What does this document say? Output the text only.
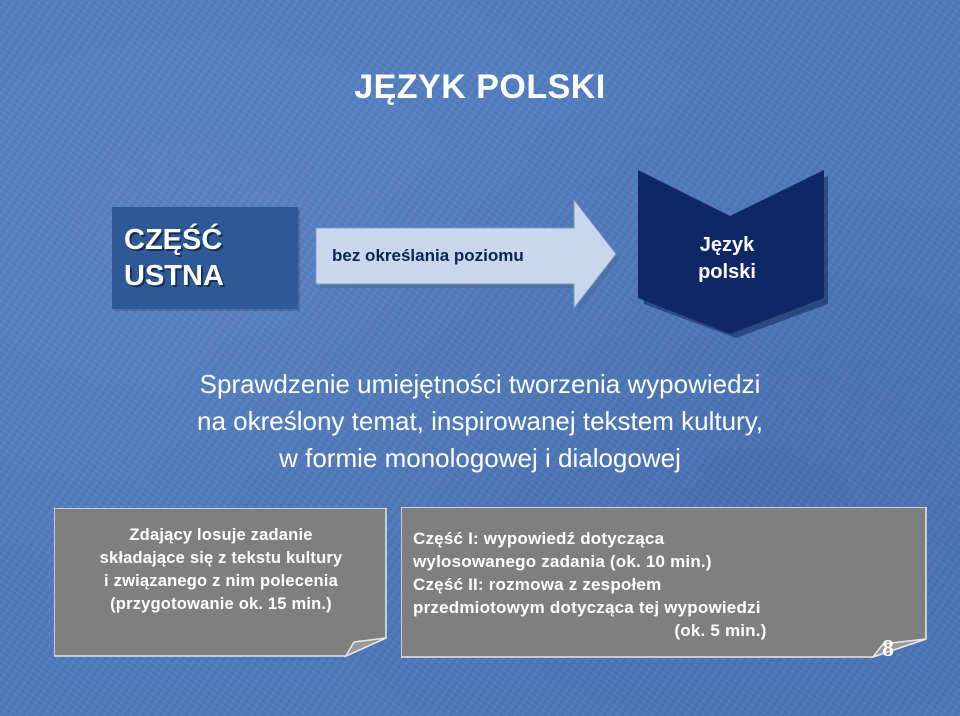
JĘZYK POLSKI
CZĘŚĆ
USTNA
bez określania poziomu	Język
polski
Sprawdzenie umiejętności tworzenia wypowiedzi
na określony temat, inspirowanej tekstem kultury,
w formie monologowej i dialogowej
Zdający losuje zadanie
składające się z tekstu kultury
i związanego z nim polecenia
(przygotowanie ok. 15 min.)
Część I: wypowiedź dotycząca
wylosowanego zadania (ok. 10 min.)
Część II: rozmowa z zespołem
przedmiotowym dotycząca tej wypowiedzi
(ok. 5 min.)
8
